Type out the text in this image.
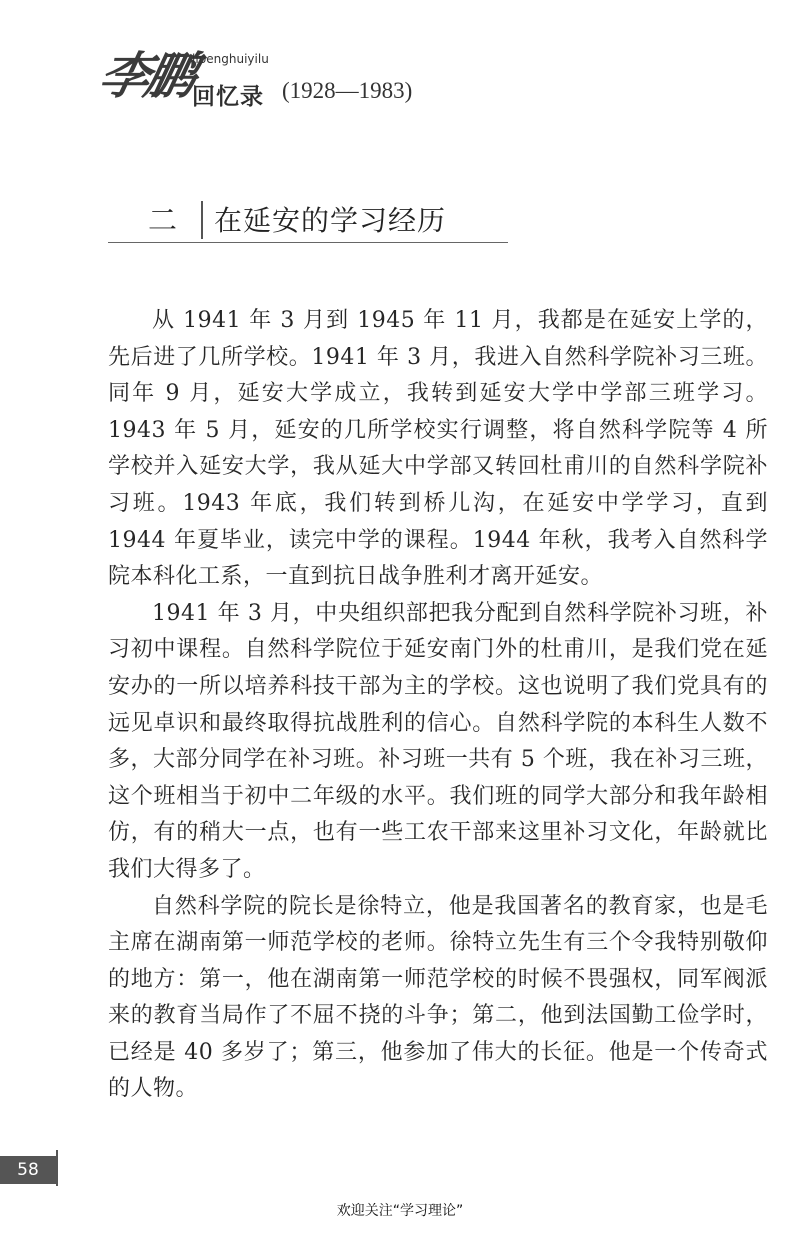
李鹏
lipenghuiyilu
回忆录 (1928—1983)
二 在延安的学习经历

从 1941 年 3 月到 1945 年 11 月，我都是在延安上学的，先后进了几所学校。1941 年 3 月，我进入自然科学院补习三班。同年 9 月，延安大学成立，我转到延安大学中学部三班学习。1943 年 5 月，延安的几所学校实行调整，将自然科学院等 4 所学校并入延安大学，我从延大中学部又转回杜甫川的自然科学院补习班。1943 年底，我们转到桥儿沟，在延安中学学习，直到 1944 年夏毕业，读完中学的课程。1944 年秋，我考入自然科学院本科化工系，一直到抗日战争胜利才离开延安。

1941 年 3 月，中央组织部把我分配到自然科学院补习班，补习初中课程。自然科学院位于延安南门外的杜甫川，是我们党在延安办的一所以培养科技干部为主的学校。这也说明了我们党具有的远见卓识和最终取得抗战胜利的信心。自然科学院的本科生人数不多，大部分同学在补习班。补习班一共有 5 个班，我在补习三班，这个班相当于初中二年级的水平。我们班的同学大部分和我年龄相仿，有的稍大一点，也有一些工农干部来这里补习文化，年龄就比我们大得多了。

自然科学院的院长是徐特立，他是我国著名的教育家，也是毛主席在湖南第一师范学校的老师。徐特立先生有三个令我特别敬仰的地方：第一，他在湖南第一师范学校的时候不畏强权，同军阀派来的教育当局作了不屈不挠的斗争；第二，他到法国勤工俭学时，已经是 40 多岁了；第三，他参加了伟大的长征。他是一个传奇式的人物。

58
欢迎关注“学习理论”
